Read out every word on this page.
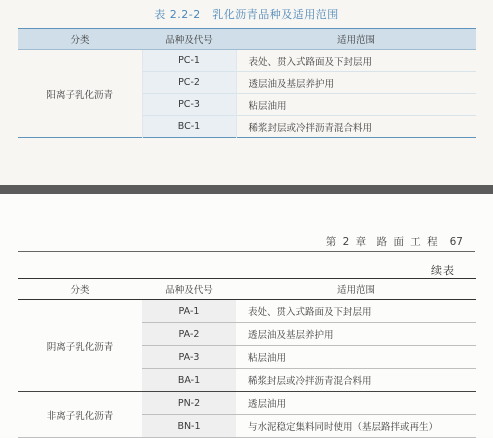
表 2.2-2　乳化沥青品种及适用范围
分类	品种及代号	适用范围
阳离子乳化沥青	PC-1	表处、贯入式路面及下封层用
	PC-2	透层油及基层养护用
	PC-3	粘层油用
	BC-1	稀浆封层或冷拌沥青混合料用
第 2 章　路 面 工 程 67
续表
分类	品种及代号	适用范围
阴离子乳化沥青	PA-1	表处、贯入式路面及下封层用
	PA-2	透层油及基层养护用
	PA-3	粘层油用
	BA-1	稀浆封层或冷拌沥青混合料用
非离子乳化沥青	PN-2	透层油用
	BN-1	与水泥稳定集料同时使用（基层路拌或再生）
